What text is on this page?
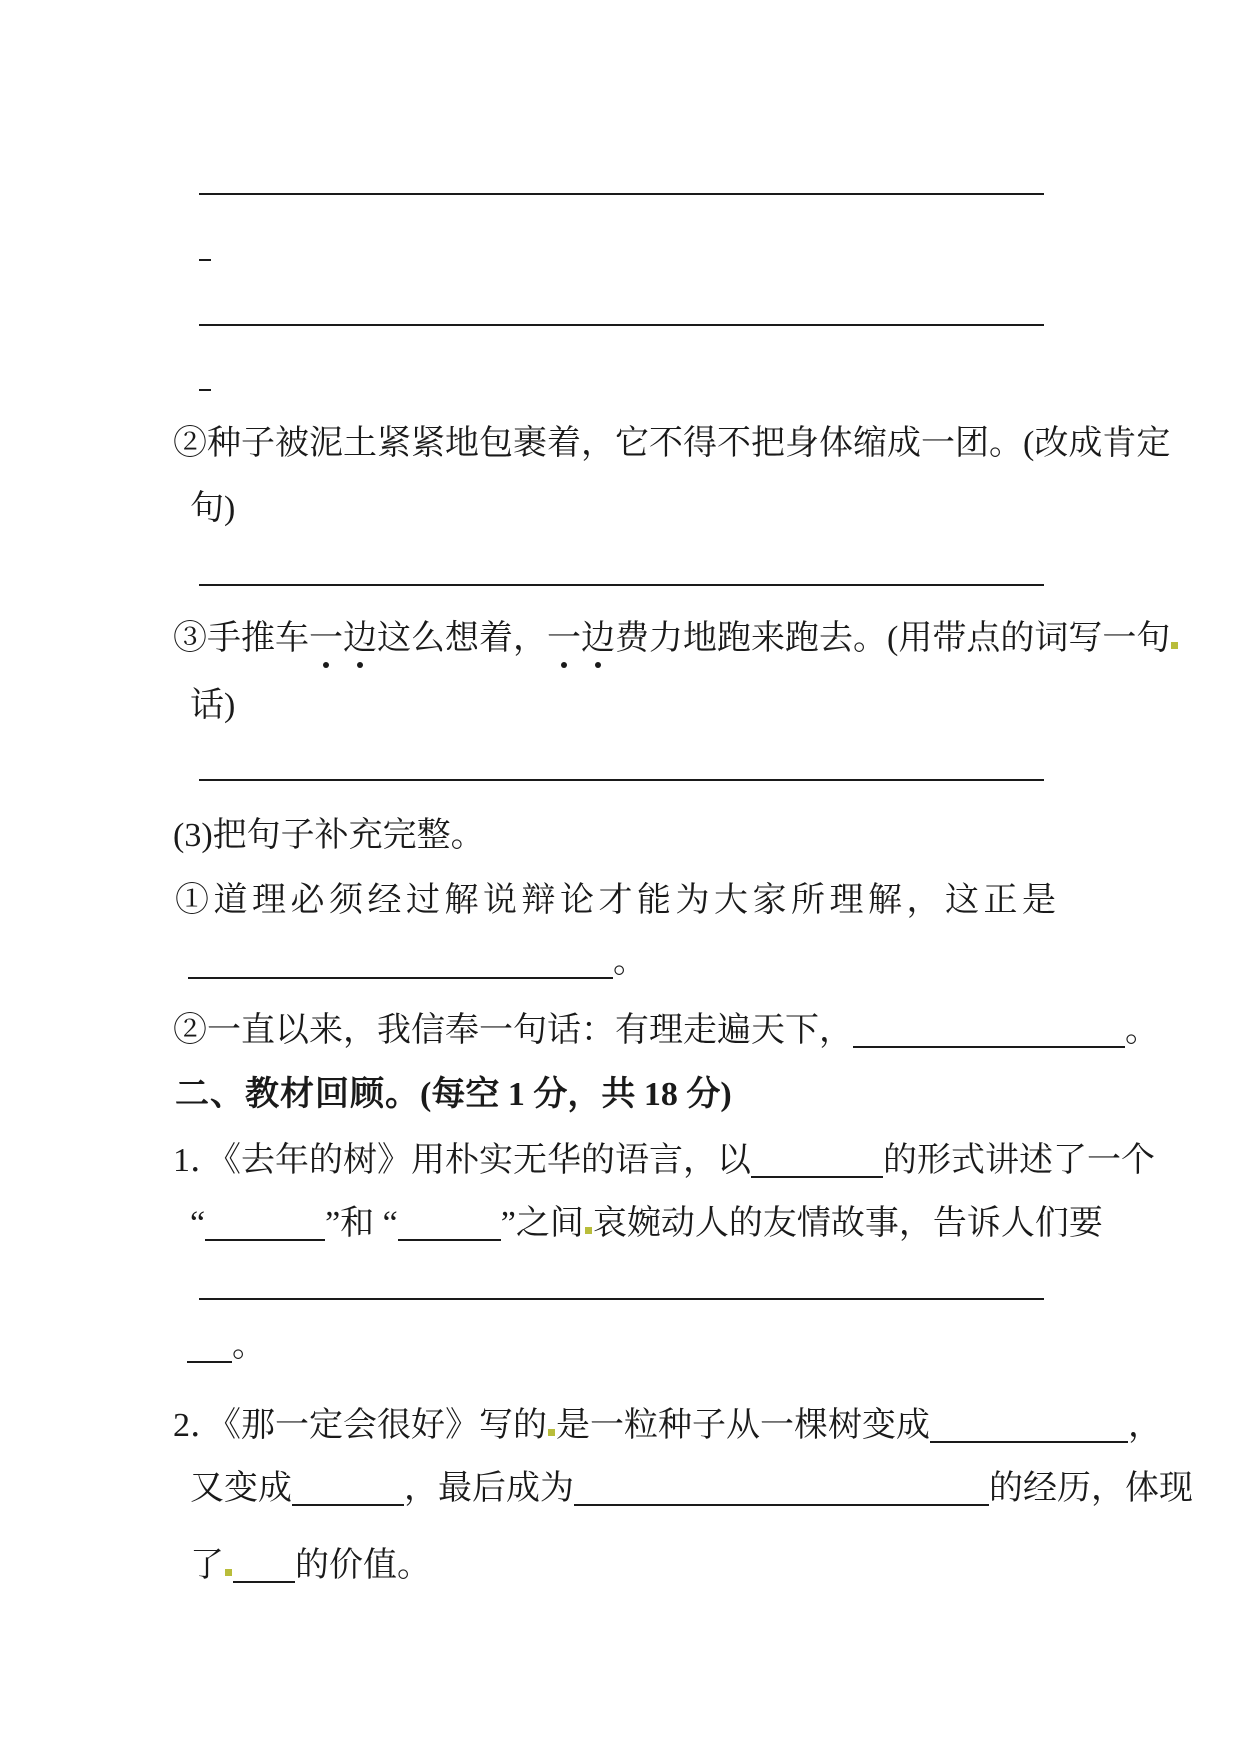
②种子被泥土紧紧地包裹着，它不得不把身体缩成一团。(改成肯定
句)
③手推车一边这么想着，一边费力地跑来跑去。(用带点的词写一句
话)
(3)把句子补充完整。
①道理必须经过解说辩论才能为大家所理解，这正是
。
②一直以来，我信奉一句话：有理走遍天下，	。
二、教材回顾。(每空 1 分，共 18 分)
1．《去年的树》用朴实无华的语言，以	的形式讲述了一个
“	”和 “	”之间 哀婉动人的友情故事，告诉人们要
。
2．《那一定会很好》写的 是一粒种子从一棵树变成	，
又变成	，最后成为	的经历，体现
了 的价值。
